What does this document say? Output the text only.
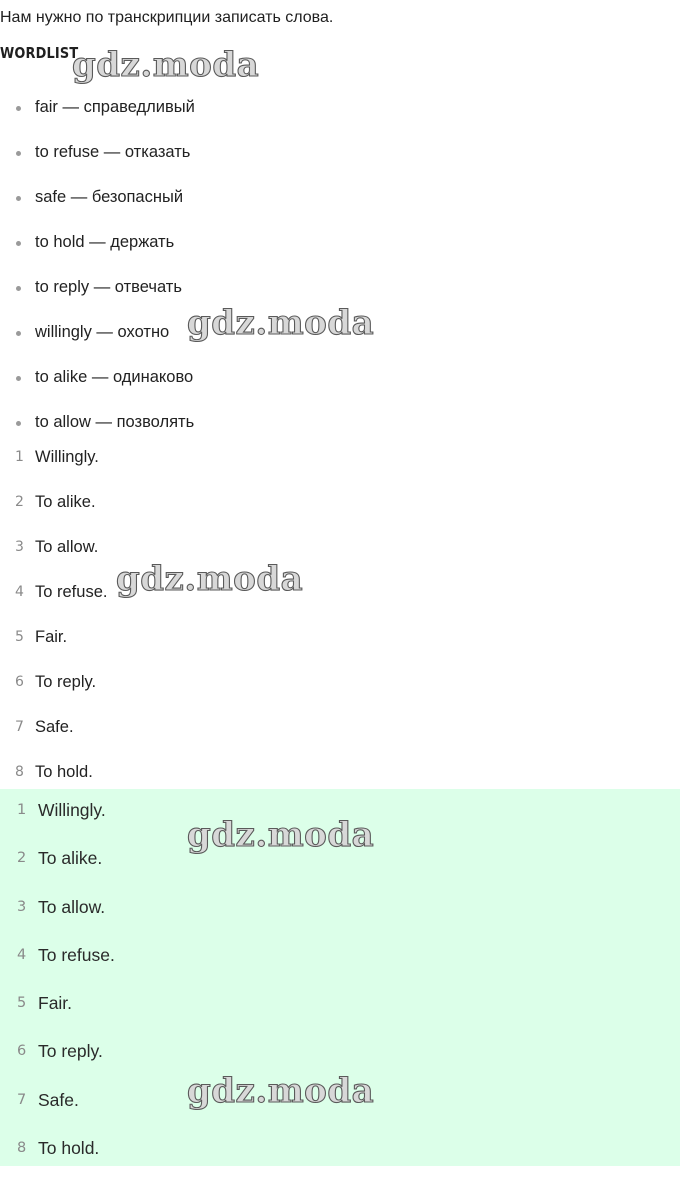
Нам нужно по транскрипции записать слова.
WORDLIST
fair — справедливый
to refuse — отказать
safe — безопасный
to hold — держать
to reply — отвечать
willingly — охотно
to alike — одинаково
to allow — позволять
1 Willingly.
2 To alike.
3 To allow.
4 To refuse.
5 Fair.
6 To reply.
7 Safe.
8 To hold.
1 Willingly.
2 To alike.
3 To allow.
4 To refuse.
5 Fair.
6 To reply.
7 Safe.
8 To hold.
gdz.moda
gdz.moda
gdz.moda
gdz.moda
gdz.moda
